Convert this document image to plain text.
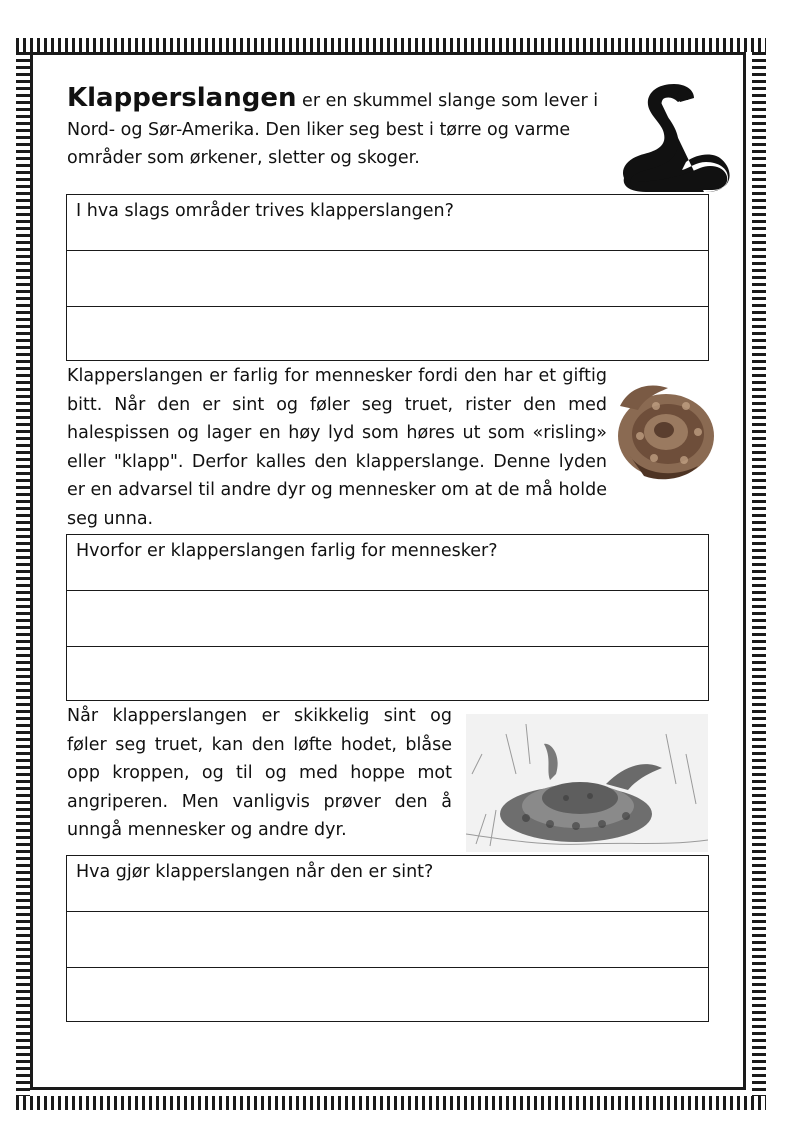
Klapperslangen er en skummel slange som lever i Nord- og Sør-Amerika. Den liker seg best i tørre og varme områder som ørkener, sletter og skoger.

I hva slags områder trives klapperslangen?

Klapperslangen er farlig for mennesker fordi den har et giftig bitt. Når den er sint og føler seg truet, rister den med halespissen og lager en høy lyd som høres ut som «risling» eller "klapp". Derfor kalles den klapperslange. Denne lyden er en advarsel til andre dyr og mennesker om at de må holde seg unna.

Hvorfor er klapperslangen farlig for mennesker?

Når klapperslangen er skikkelig sint og føler seg truet, kan den løfte hodet, blåse opp kroppen, og til og med hoppe mot angriperen. Men vanligvis prøver den å unngå mennesker og andre dyr.

Hva gjør klapperslangen når den er sint?
